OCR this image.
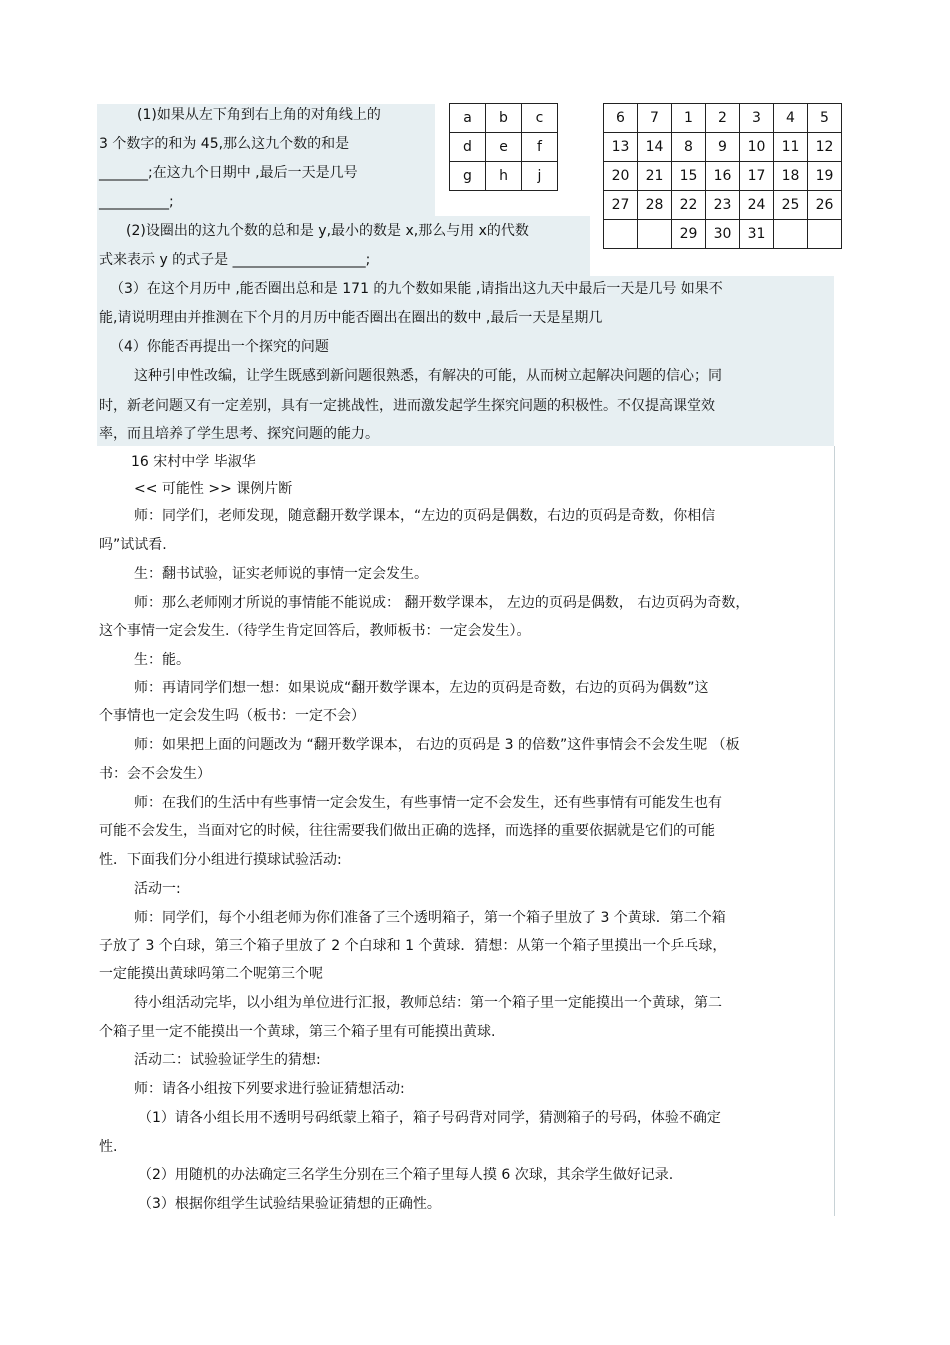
(1)如果从左下角到右上角的对角线上的
3 个数字的和为 45,那么这九个数的和是
_______;在这九个日期中 ,最后一天是几号
__________;
a	b	c
d	e	f
g	h	j
6	7	1	2	3	4	5
13	14	8	9	10	11	12
20	21	15	16	17	18	19
27	28	22	23	24	25	26
		29	30	31		
(2)设圈出的这九个数的总和是 y,最小的数是 x,那么与用 x的代数
式来表示 y 的式子是 ___________________;
（3）在这个月历中 ,能否圈出总和是 171 的九个数如果能 ,请指出这九天中最后一天是几号 如果不
能,请说明理由并推测在下个月的月历中能否圈出在圈出的数中 ,最后一天是星期几
（4）你能否再提出一个探究的问题
这种引申性改编，让学生既感到新问题很熟悉，有解决的可能，从而树立起解决问题的信心；同
时，新老问题又有一定差别，具有一定挑战性，进而激发起学生探究问题的积极性。不仅提高课堂效
率，而且培养了学生思考、探究问题的能力。
16 宋村中学 毕淑华
<< 可能性 >> 课例片断
师：同学们，老师发现，随意翻开数学课本，“左边的页码是偶数，右边的页码是奇数，你相信
吗”试试看.
生：翻书试验，证实老师说的事情一定会发生。
师：那么老师刚才所说的事情能不能说成： 翻开数学课本， 左边的页码是偶数， 右边页码为奇数，
这个事情一定会发生.（待学生肯定回答后，教师板书：一定会发生）。
生：能。
师：再请同学们想一想：如果说成“翻开数学课本，左边的页码是奇数，右边的页码为偶数”这
个事情也一定会发生吗（板书：一定不会）
师：如果把上面的问题改为 “翻开数学课本， 右边的页码是 3 的倍数”这件事情会不会发生呢 （板
书：会不会发生）
师：在我们的生活中有些事情一定会发生，有些事情一定不会发生，还有些事情有可能发生也有
可能不会发生，当面对它的时候，往往需要我们做出正确的选择，而选择的重要依据就是它们的可能
性．下面我们分小组进行摸球试验活动:
活动一:
师：同学们，每个小组老师为你们准备了三个透明箱子，第一个箱子里放了 3 个黄球．第二个箱
子放了 3 个白球，第三个箱子里放了 2 个白球和 1 个黄球．猜想：从第一个箱子里摸出一个乒乓球，
一定能摸出黄球吗第二个呢第三个呢
待小组活动完毕，以小组为单位进行汇报，教师总结：第一个箱子里一定能摸出一个黄球，第二
个箱子里一定不能摸出一个黄球，第三个箱子里有可能摸出黄球.
活动二：试验验证学生的猜想:
师：请各小组按下列要求进行验证猜想活动:
（1）请各小组长用不透明号码纸蒙上箱子，箱子号码背对同学，猜测箱子的号码，体验不确定
性.
（2）用随机的办法确定三名学生分别在三个箱子里每人摸 6 次球，其余学生做好记录.
（3）根据你组学生试验结果验证猜想的正确性。
